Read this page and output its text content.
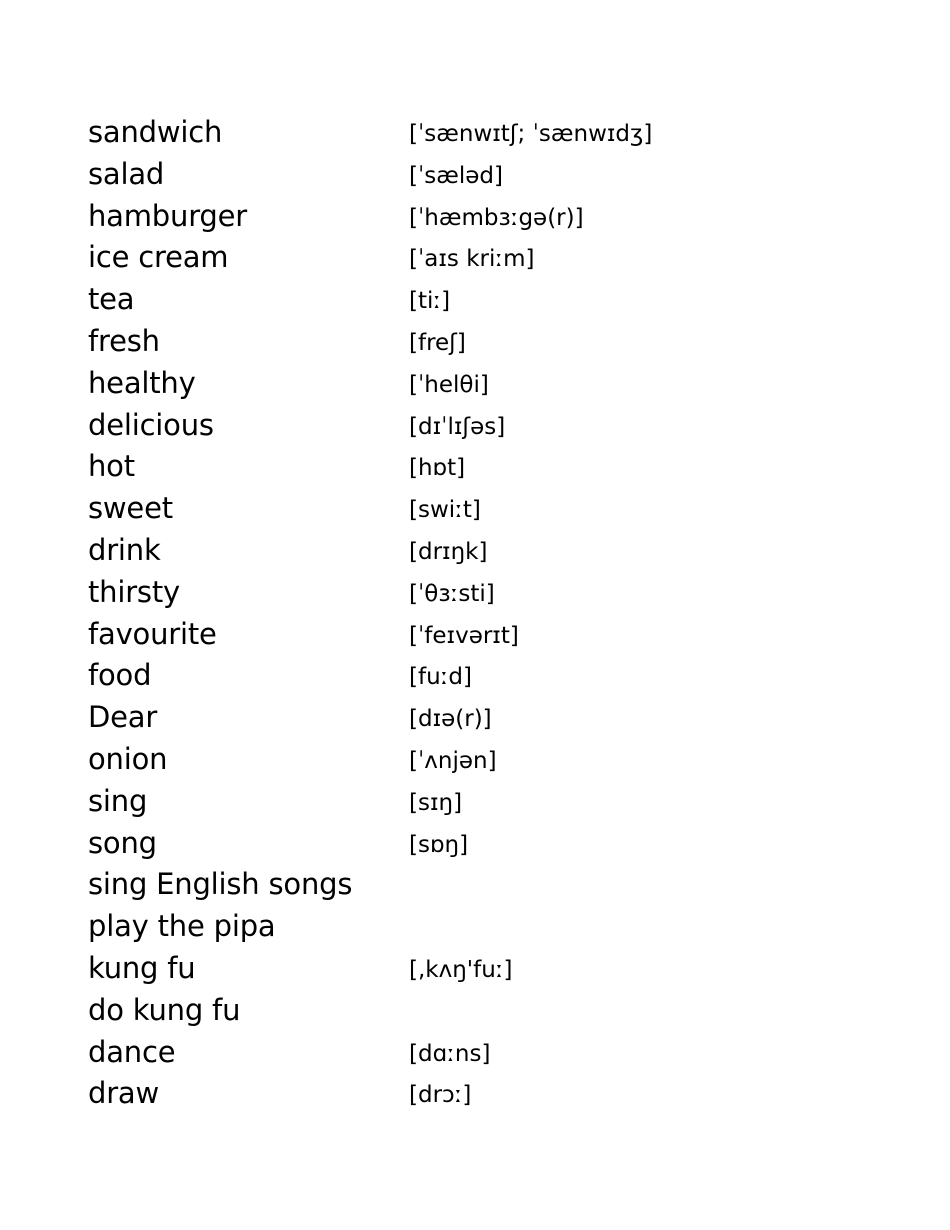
sandwich	[ˈsænwɪtʃ; ˈsænwɪdʒ]
salad	[ˈsæləd]
hamburger	[ˈhæmbɜːgə(r)]
ice cream	[ˈaɪs kriːm]
tea	[tiː]
fresh	[freʃ]
healthy	[ˈhelθi]
delicious	[dɪˈlɪʃəs]
hot	[hɒt]
sweet	[swiːt]
drink	[drɪŋk]
thirsty	[ˈθɜːsti]
favourite	[ˈfeɪvərɪt]
food	[fuːd]
Dear	[dɪə(r)]
onion	[ˈʌnjən]
sing	[sɪŋ]
song	[sɒŋ]
sing English songs
play the pipa
kung fu	[,kʌŋ'fuː]
do kung fu
dance	[dɑːns]
draw	[drɔː]
